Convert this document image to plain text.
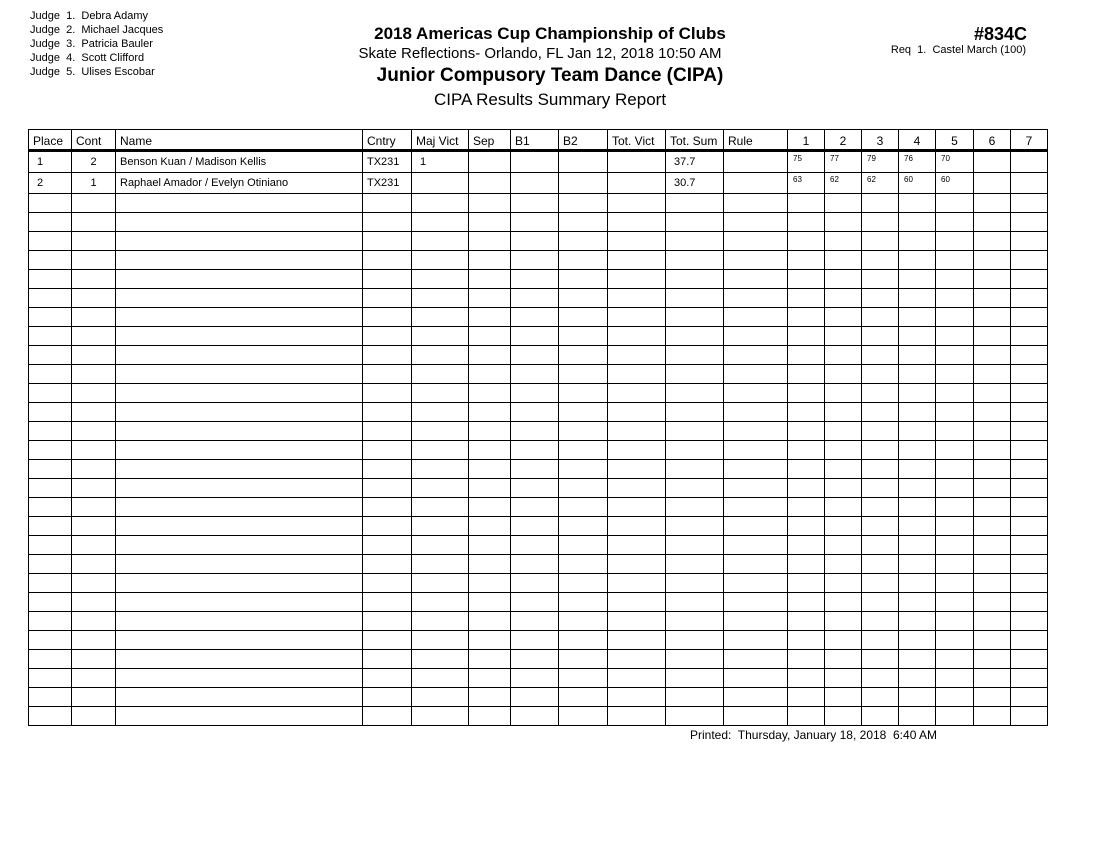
Judge  1.  Debra Adamy
Judge  2.  Michael Jacques
Judge  3.  Patricia Bauler
Judge  4.  Scott Clifford
Judge  5.  Ulises Escobar
2018 Americas Cup Championship of Clubs
Skate Reflections- Orlando, FL Jan 12, 2018 10:50 AM
Junior Compusory Team Dance (CIPA)
CIPA Results Summary Report
#834C
Req  1.  Castel March (100)
Place	Cont	Name	Cntry	Maj Vict	Sep	B1	B2	Tot. Vict	Tot. Sum	Rule	1	2	3	4	5	6	7
1	2	Benson Kuan / Madison Kellis	TX231	1					37.7		75	77	79	76	70		
2	1	Raphael Amador / Evelyn Otiniano	TX231						30.7		63	62	62	60	60		

Printed:  Thursday, January 18, 2018  6:40 AM
